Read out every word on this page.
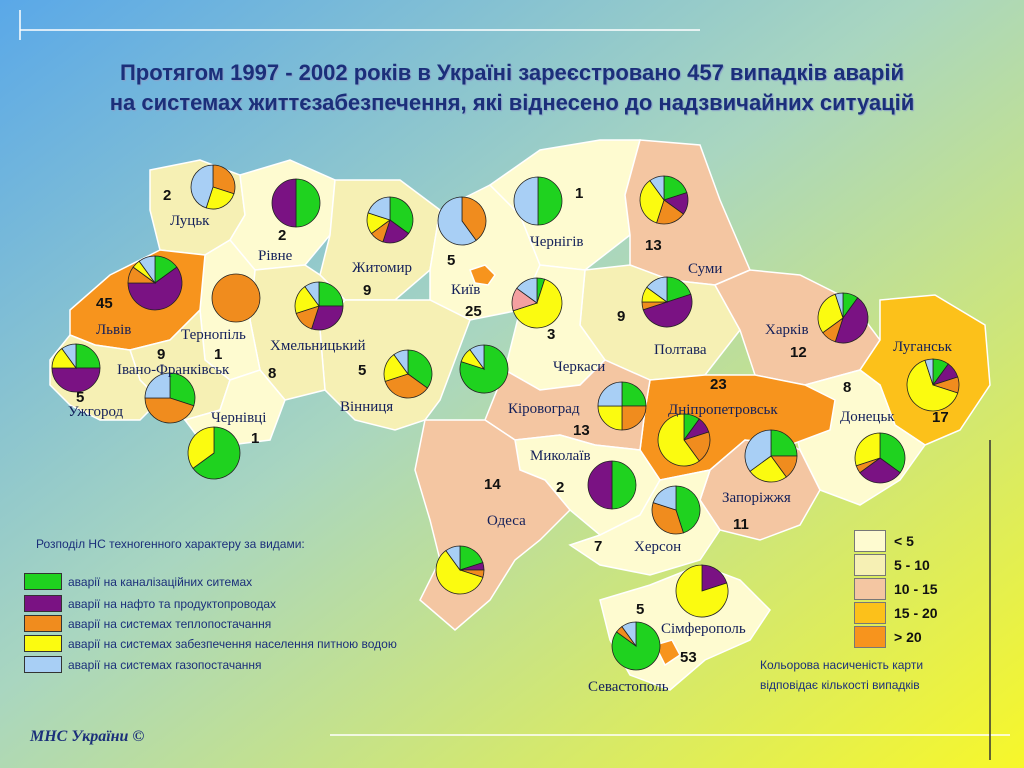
Луцьк
2
Рівне
2
Житомир
9	Київ
5
Чернігів
1
Суми
13
Харків
12	Луганськ
17
Донецьк
8
Дніпропетровськ
23
Запоріжжя
11
Полтава
9
Черкаси
3
Кіровоград
13
Миколаїв
2
Херсон
7
Одеса
14
Сімферополь
5
Севастополь
53
Вінниця
5
Хмельницький
8
Тернопіль
1
Львів
45
Івано-Франківськ
9
Ужгород
5
Чернівці
1
25
Протягом 1997 - 2002 років в Україні зареєстровано 457 випадків аварій
на системах життєзабезпечення, які віднесено до надзвичайних ситуацій
Розподіл НС техногенного характеру за видами:
аварії на каналізаційних ситемах
аварії на нафто та продуктопроводах
аварії на системах теплопостачання
аварії на системах забезпечення населення питною водою
аварії на системах газопостачання
< 5
5 - 10
10 - 15
15 - 20
> 20
Кольорова насиченість карти
відповідає кількості випадків
МНС України ©
